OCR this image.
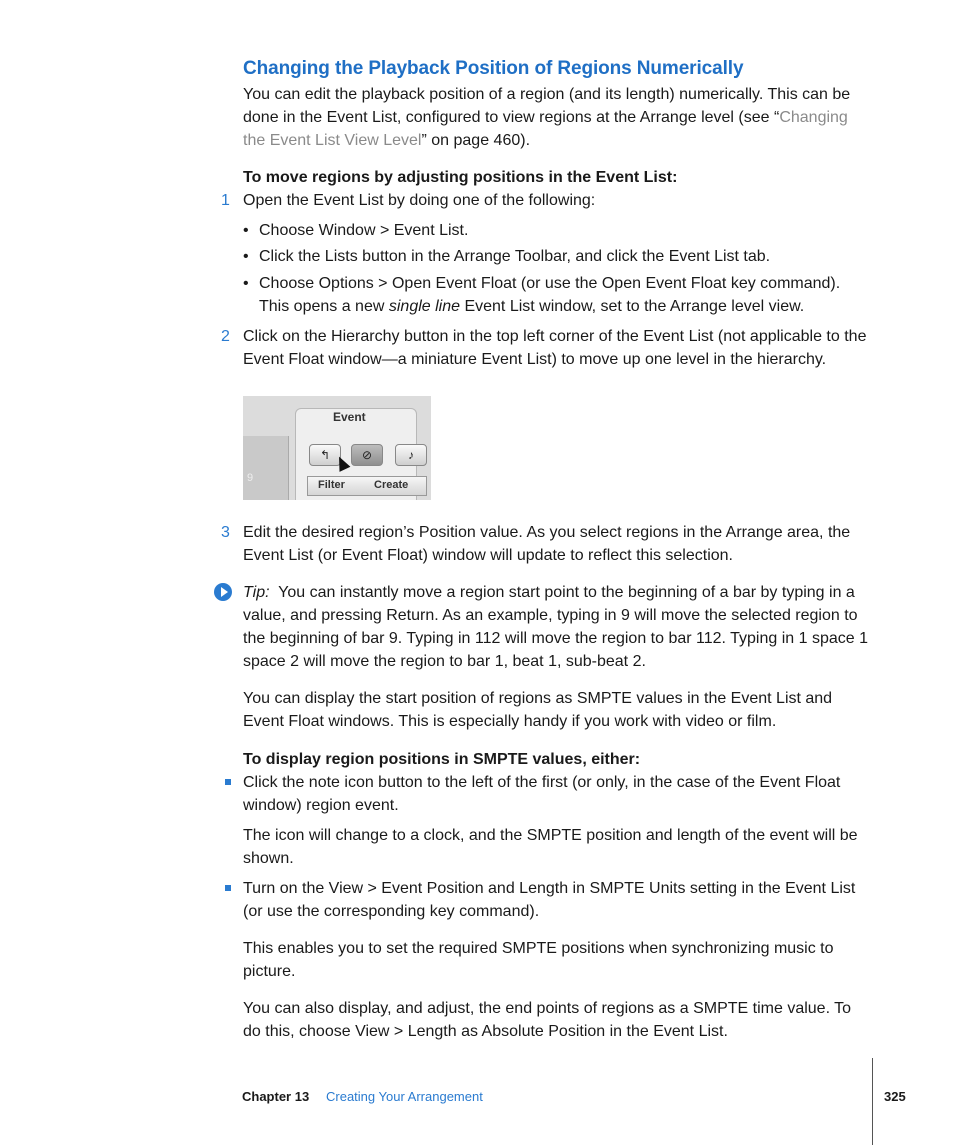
Changing the Playback Position of Regions Numerically
You can edit the playback position of a region (and its length) numerically. This can be done in the Event List, configured to view regions at the Arrange level (see “Changing the Event List View Level” on page 460).
To move regions by adjusting positions in the Event List:
1 Open the Event List by doing one of the following:
• Choose Window > Event List.
• Click the Lists button in the Arrange Toolbar, and click the Event List tab.
• Choose Options > Open Event Float (or use the Open Event Float key command).
This opens a new single line Event List window, set to the Arrange level view.
2 Click on the Hierarchy button in the top left corner of the Event List (not applicable to the Event Float window—a miniature Event List) to move up one level in the hierarchy.
9
Event
↰	⊘	♪
Filter	Create
3 Edit the desired region’s Position value. As you select regions in the Arrange area, the Event List (or Event Float) window will update to reflect this selection.
Tip: You can instantly move a region start point to the beginning of a bar by typing in a value, and pressing Return. As an example, typing in 9 will move the selected region to the beginning of bar 9. Typing in 112 will move the region to bar 112. Typing in 1 space 1 space 2 will move the region to bar 1, beat 1, sub-beat 2.
You can display the start position of regions as SMPTE values in the Event List and Event Float windows. This is especially handy if you work with video or film.
To display region positions in SMPTE values, either:
Click the note icon button to the left of the first (or only, in the case of the Event Float window) region event.
The icon will change to a clock, and the SMPTE position and length of the event will be shown.
Turn on the View > Event Position and Length in SMPTE Units setting in the Event List (or use the corresponding key command).
This enables you to set the required SMPTE positions when synchronizing music to picture.
You can also display, and adjust, the end points of regions as a SMPTE time value. To do this, choose View > Length as Absolute Position in the Event List.
Chapter 13 Creating Your Arrangement	325
